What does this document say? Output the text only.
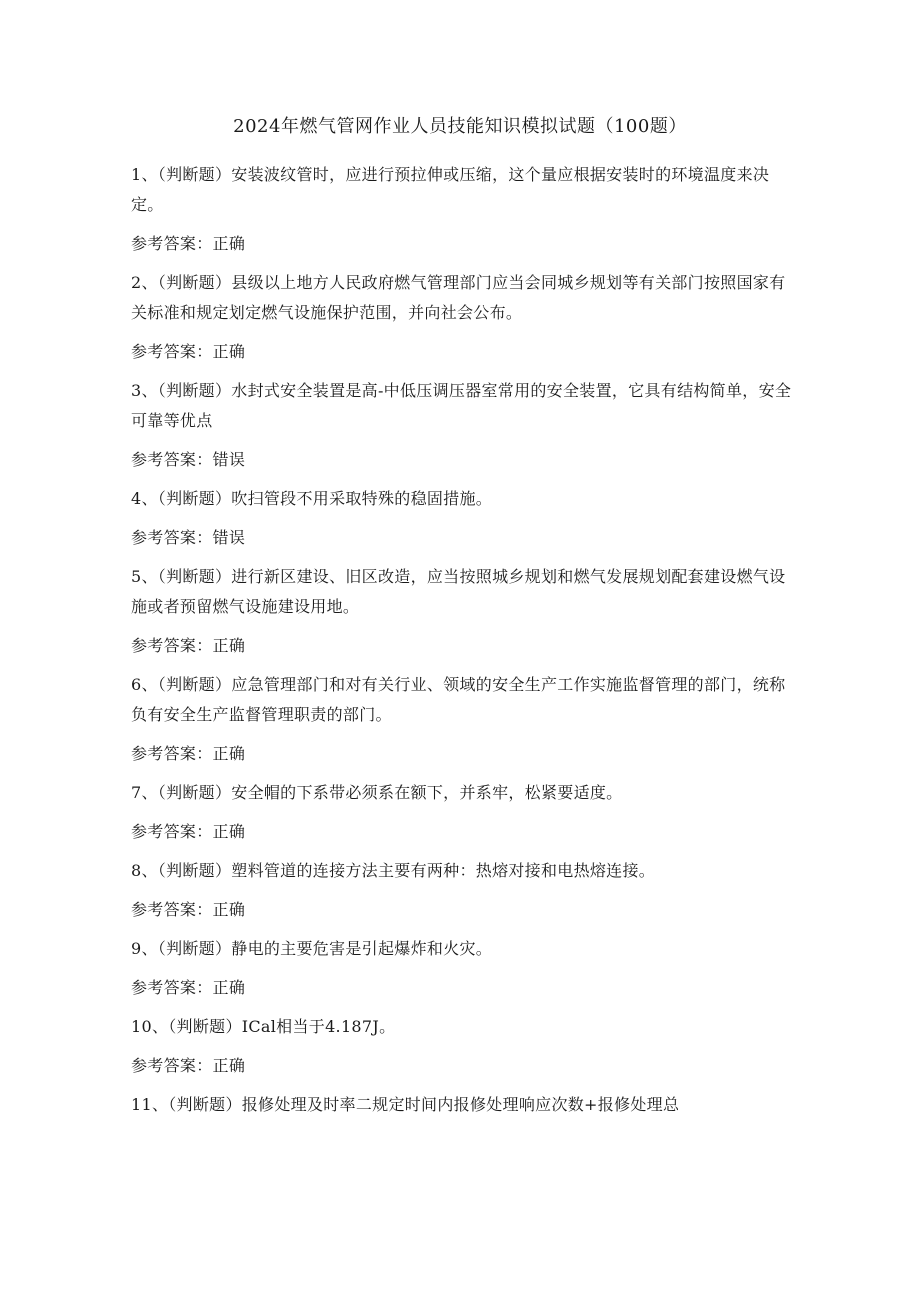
2024年燃气管网作业人员技能知识模拟试题（100题）

1、（判断题）安装波纹管时，应进行预拉伸或压缩，这个量应根据安装时的环境温度来决定。

参考答案：正确

2、（判断题）县级以上地方人民政府燃气管理部门应当会同城乡规划等有关部门按照国家有关标准和规定划定燃气设施保护范围，并向社会公布。

参考答案：正确

3、（判断题）水封式安全装置是高-中低压调压器室常用的安全装置，它具有结构简单，安全可靠等优点

参考答案：错误

4、（判断题）吹扫管段不用采取特殊的稳固措施。

参考答案：错误

5、（判断题）进行新区建设、旧区改造，应当按照城乡规划和燃气发展规划配套建设燃气设施或者预留燃气设施建设用地。

参考答案：正确

6、（判断题）应急管理部门和对有关行业、领域的安全生产工作实施监督管理的部门，统称负有安全生产监督管理职责的部门。

参考答案：正确

7、（判断题）安全帽的下系带必须系在额下，并系牢，松紧要适度。

参考答案：正确

8、（判断题）塑料管道的连接方法主要有两种：热熔对接和电热熔连接。

参考答案：正确

9、（判断题）静电的主要危害是引起爆炸和火灾。

参考答案：正确

10、（判断题）ICal相当于4.187J。

参考答案：正确

11、（判断题）报修处理及时率二规定时间内报修处理响应次数+报修处理总
